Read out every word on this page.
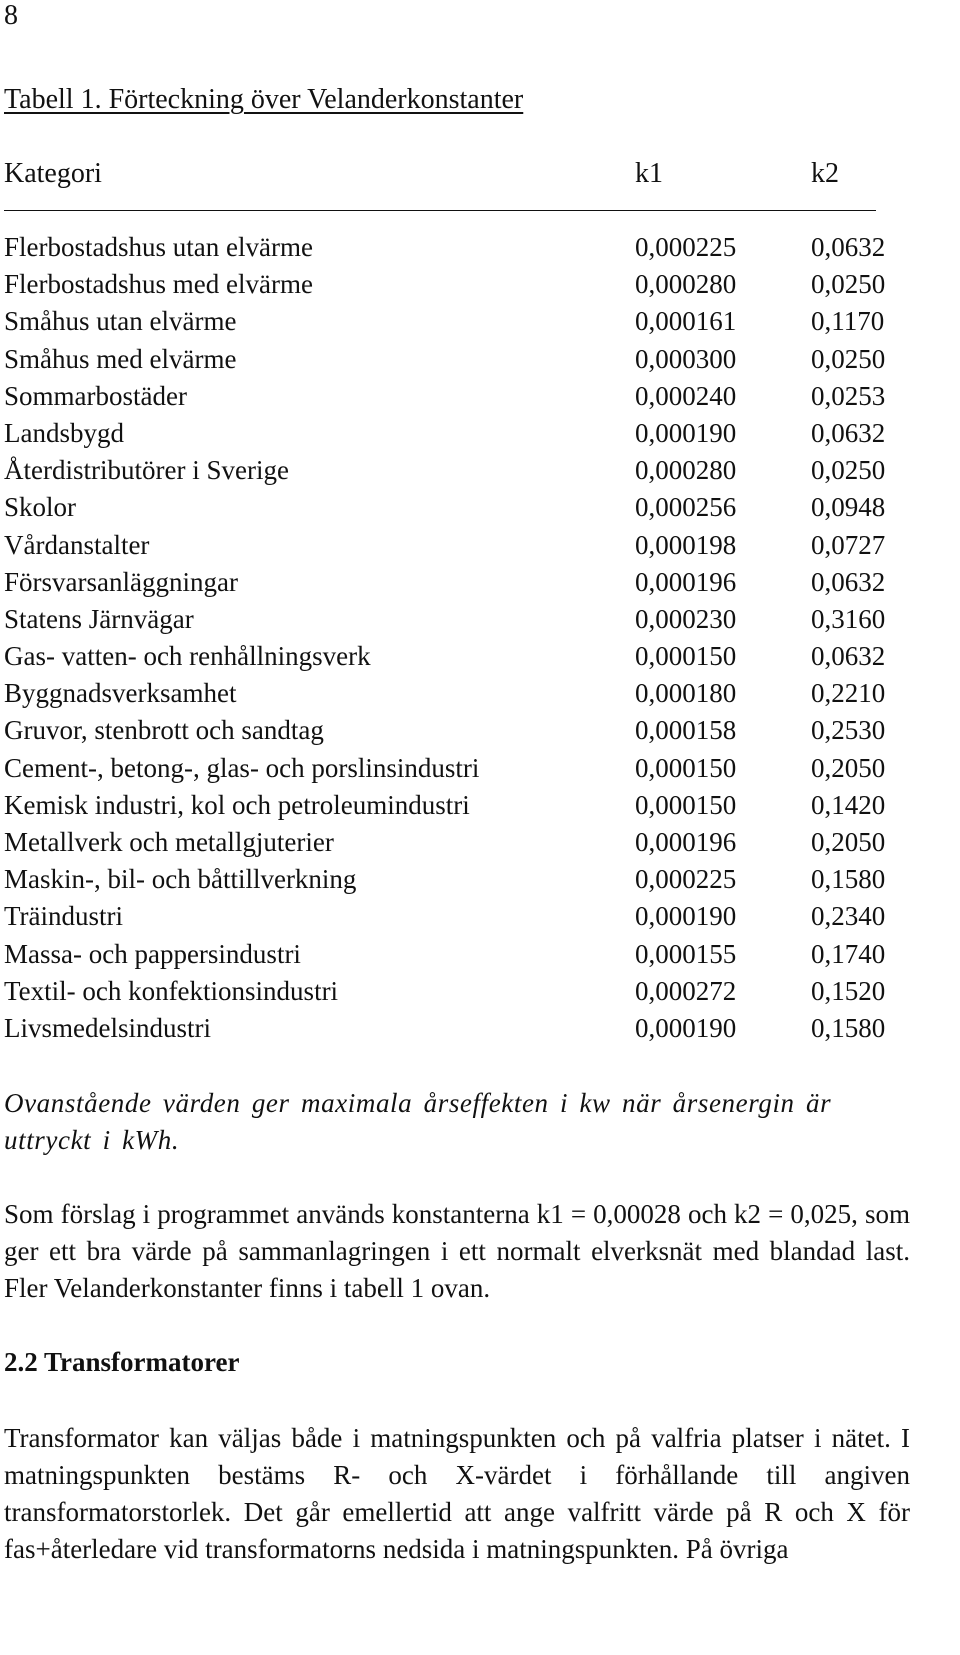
8
Tabell 1. Förteckning över Velanderkonstanter
Kategori	k1	k2
Flerbostadshus utan elvärme	0,000225	0,0632
Flerbostadshus med elvärme	0,000280	0,0250
Småhus utan elvärme	0,000161	0,1170
Småhus med elvärme	0,000300	0,0250
Sommarbostäder	0,000240	0,0253
Landsbygd	0,000190	0,0632
Återdistributörer i Sverige	0,000280	0,0250
Skolor	0,000256	0,0948
Vårdanstalter	0,000198	0,0727
Försvarsanläggningar	0,000196	0,0632
Statens Järnvägar	0,000230	0,3160
Gas- vatten- och renhållningsverk	0,000150	0,0632
Byggnadsverksamhet	0,000180	0,2210
Gruvor, stenbrott och sandtag	0,000158	0,2530
Cement-, betong-, glas- och porslinsindustri	0,000150	0,2050
Kemisk industri, kol och petroleumindustri	0,000150	0,1420
Metallverk och metallgjuterier	0,000196	0,2050
Maskin-, bil- och båttillverkning	0,000225	0,1580
Träindustri	0,000190	0,2340
Massa- och pappersindustri	0,000155	0,1740
Textil- och konfektionsindustri	0,000272	0,1520
Livsmedelsindustri	0,000190	0,1580
Ovanstående värden ger maximala årseffekten i kw när årsenergin är uttryckt i kWh.
Som förslag i programmet används konstanterna k1 = 0,00028 och k2 = 0,025, som ger ett bra värde på sammanlagringen i ett normalt elverksnät med blandad last. Fler Velanderkonstanter finns i tabell 1 ovan.
2.2 Transformatorer
Transformator kan väljas både i matningspunkten och på valfria platser i nätet. I matningspunkten bestäms R- och X-värdet i förhållande till angiven transformatorstorlek. Det går emellertid att ange valfritt värde på R och X för fas+återledare vid transformatorns nedsida i matningspunkten. På övriga
